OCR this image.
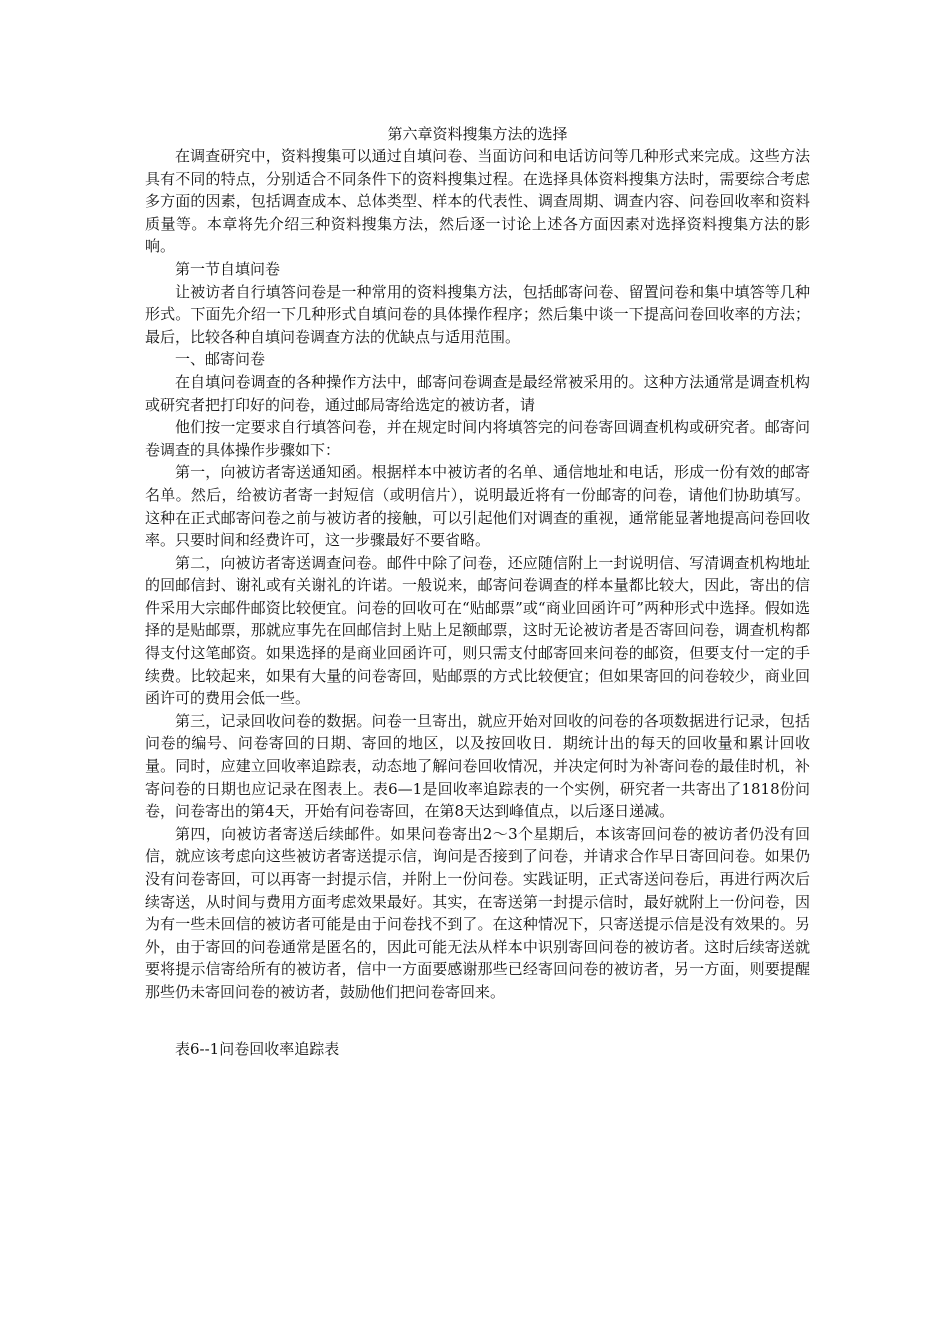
第六章资料搜集方法的选择

在调查研究中，资料搜集可以通过自填问卷、当面访问和电话访问等几种形式来完成。这些方法具有不同的特点，分别适合不同条件下的资料搜集过程。在选择具体资料搜集方法时，需要综合考虑多方面的因素，包括调查成本、总体类型、样本的代表性、调查周期、调查内容、问卷回收率和资料质量等。本章将先介绍三种资料搜集方法，然后逐一讨论上述各方面因素对选择资料搜集方法的影响。

第一节自填问卷

让被访者自行填答问卷是一种常用的资料搜集方法，包括邮寄问卷、留置问卷和集中填答等几种形式。下面先介绍一下几种形式自填问卷的具体操作程序；然后集中谈一下提高问卷回收率的方法；最后，比较各种自填问卷调查方法的优缺点与适用范围。

一、邮寄问卷

在自填问卷调查的各种操作方法中，邮寄问卷调查是最经常被采用的。这种方法通常是调查机构或研究者把打印好的问卷，通过邮局寄给选定的被访者，请

他们按一定要求自行填答问卷，并在规定时间内将填答完的问卷寄回调查机构或研究者。邮寄问卷调查的具体操作步骤如下：

第一，向被访者寄送通知函。根据样本中被访者的名单、通信地址和电话，形成一份有效的邮寄名单。然后，给被访者寄一封短信（或明信片），说明最近将有一份邮寄的问卷，请他们协助填写。这种在正式邮寄问卷之前与被访者的接触，可以引起他们对调查的重视，通常能显著地提高问卷回收率。只要时间和经费许可，这一步骤最好不要省略。

第二，向被访者寄送调查问卷。邮件中除了问卷，还应随信附上一封说明信、写清调查机构地址的回邮信封、谢礼或有关谢礼的许诺。一般说来，邮寄问卷调查的样本量都比较大，因此，寄出的信件采用大宗邮件邮资比较便宜。问卷的回收可在“贴邮票”或“商业回函许可”两种形式中选择。假如选择的是贴邮票，那就应事先在回邮信封上贴上足额邮票，这时无论被访者是否寄回问卷，调查机构都得支付这笔邮资。如果选择的是商业回函许可，则只需支付邮寄回来问卷的邮资，但要支付一定的手续费。比较起来，如果有大量的问卷寄回，贴邮票的方式比较便宜；但如果寄回的问卷较少，商业回函许可的费用会低一些。

第三，记录回收问卷的数据。问卷一旦寄出，就应开始对回收的问卷的各项数据进行记录，包括问卷的编号、问卷寄回的日期、寄回的地区，以及按回收日．期统计出的每天的回收量和累计回收量。同时，应建立回收率追踪表，动态地了解问卷回收情况，并决定何时为补寄问卷的最佳时机，补寄问卷的日期也应记录在图表上。表6—1是回收率追踪表的一个实例，研究者一共寄出了1818份问卷，问卷寄出的第4天，开始有问卷寄回，在第8天达到峰值点，以后逐日递减。

第四，向被访者寄送后续邮件。如果问卷寄出2～3个星期后，本该寄回问卷的被访者仍没有回信，就应该考虑向这些被访者寄送提示信，询问是否接到了问卷，并请求合作早日寄回问卷。如果仍没有问卷寄回，可以再寄一封提示信，并附上一份问卷。实践证明，正式寄送问卷后，再进行两次后续寄送，从时间与费用方面考虑效果最好。其实，在寄送第一封提示信时，最好就附上一份问卷，因为有一些未回信的被访者可能是由于问卷找不到了。在这种情况下，只寄送提示信是没有效果的。另外，由于寄回的问卷通常是匿名的，因此可能无法从样本中识别寄回问卷的被访者。这时后续寄送就要将提示信寄给所有的被访者，信中一方面要感谢那些已经寄回问卷的被访者，另一方面，则要提醒那些仍未寄回问卷的被访者，鼓励他们把问卷寄回来。

表6--1问卷回收率追踪表
